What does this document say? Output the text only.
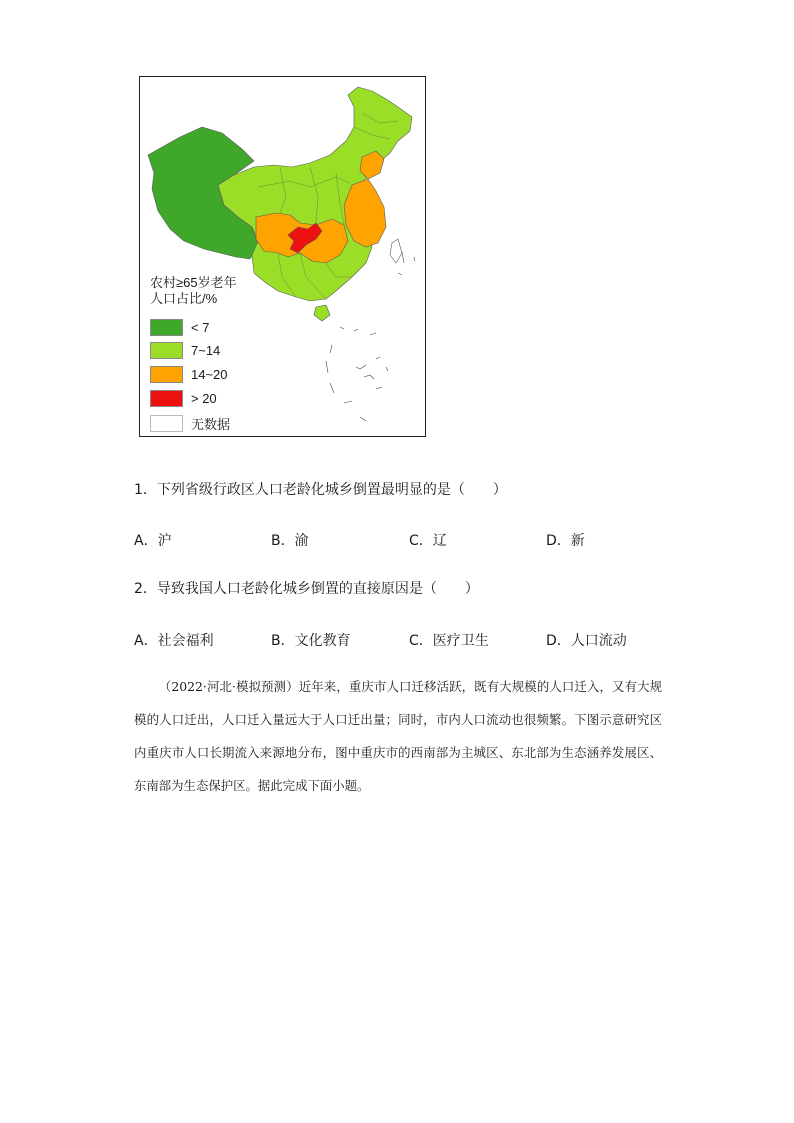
农村≥65岁老年
人口占比/%
< 7
7~14
14~20
> 20
无数据
1．下列省级行政区人口老龄化城乡倒置最明显的是（　　）
A．沪	B．渝	C．辽	D．新
2．导致我国人口老龄化城乡倒置的直接原因是（　　）
A．社会福利	B．文化教育	C．医疗卫生	D．人口流动

（2022·河北·模拟预测）近年来，重庆市人口迁移活跃，既有大规模的人口迁入，又有大规模的人口迁出，人口迁入量远大于人口迁出量；同时，市内人口流动也很频繁。下图示意研究区内重庆市人口长期流入来源地分布，图中重庆市的西南部为主城区、东北部为生态涵养发展区、东南部为生态保护区。据此完成下面小题。
